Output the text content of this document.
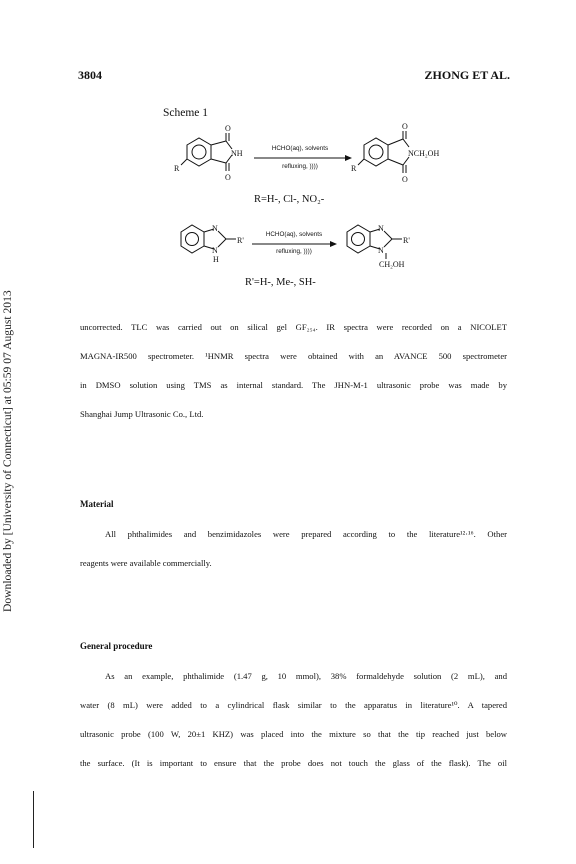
3804	ZHONG ET AL.
Downloaded by [University of Connecticut] at 05:59 07 August 2013
Scheme 1
O
NH
O
R
O
NCH₂OH
O
R
N
R'
N
H
N
R'
N
CH₂OH
HCHO(aq), solvents
refluxing, ))))
HCHO(aq), solvents
refluxing, ))))
R=H-, Cl-, NO₂-
R'=H-, Me-, SH-

uncorrected. TLC was carried out on silical gel GF₂₅₄. IR spectra were recorded on a NICOLET

MAGNA-IR500 spectrometer. ¹HNMR spectra were obtained with an AVANCE 500 spectrometer

in DMSO solution using TMS as internal standard. The JHN-M-1 ultrasonic probe was made by

Shanghai Jump Ultrasonic Co., Ltd.

Material

All phthalimides and benzimidazoles were prepared according to the literature¹²·¹⁶. Other

reagents were available commercially.

General procedure

As an example, phthalimide (1.47 g, 10 mmol), 38% formaldehyde solution (2 mL), and

water (8 mL) were added to a cylindrical flask similar to the apparatus in literature¹⁰. A tapered

ultrasonic probe (100 W, 20±1 KHZ) was placed into the mixture so that the tip reached just below

the surface. (It is important to ensure that the probe does not touch the glass of the flask). The oil
